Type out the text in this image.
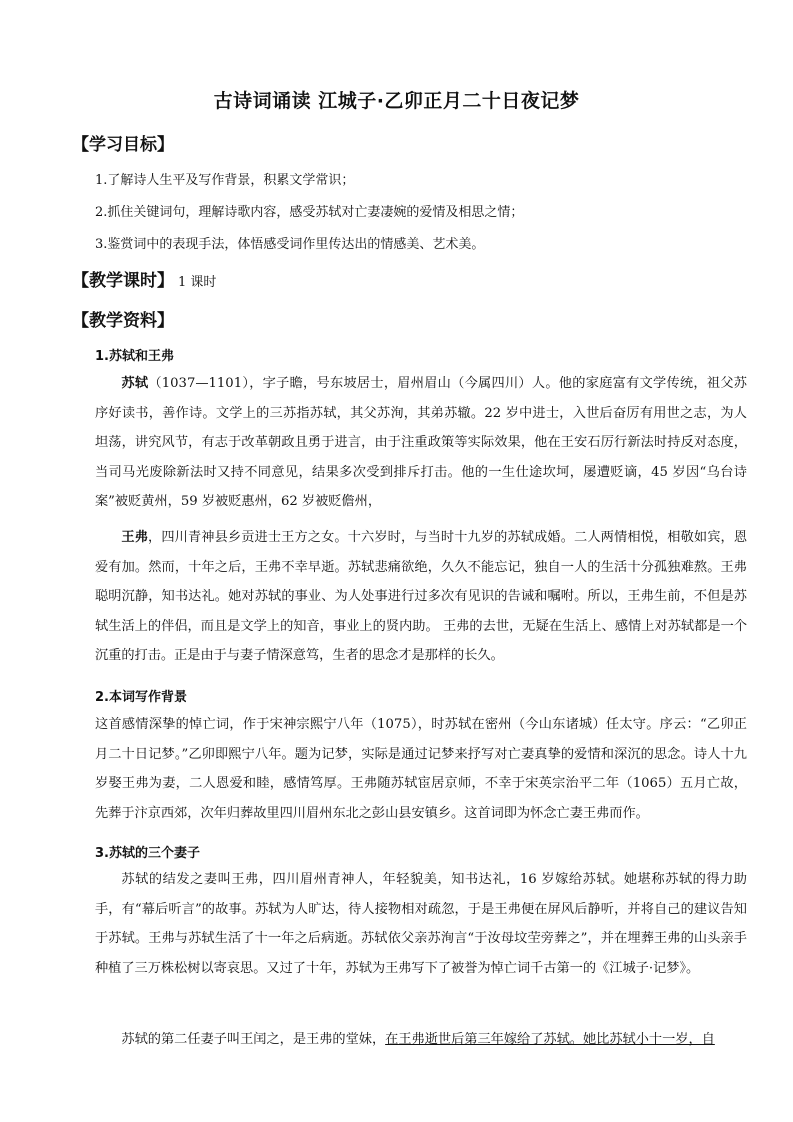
古诗词诵读 江城子·乙卯正月二十日夜记梦
【学习目标】
1.了解诗人生平及写作背景，积累文学常识；
2.抓住关键词句，理解诗歌内容，感受苏轼对亡妻凄婉的爱情及相思之情；
3.鉴赏词中的表现手法，体悟感受词作里传达出的情感美、艺术美。
【教学课时】 1 课时
【教学资料】
1.苏轼和王弗
苏轼（1037—1101），字子瞻，号东坡居士，眉州眉山（今属四川）人。他的家庭富有文学传统，祖父苏序好读书，善作诗。文学上的三苏指苏轼，其父苏洵，其弟苏辙。22 岁中进士，入世后奋厉有用世之志，为人坦荡，讲究风节，有志于改革朝政且勇于进言，由于注重政策等实际效果，他在王安石厉行新法时持反对态度，当司马光废除新法时又持不同意见，结果多次受到排斥打击。他的一生仕途坎坷，屡遭贬谪，45 岁因“乌台诗案”被贬黄州，59 岁被贬惠州，62 岁被贬儋州，
王弗，四川青神县乡贡进士王方之女。十六岁时，与当时十九岁的苏轼成婚。二人两情相悦，相敬如宾，恩爱有加。然而，十年之后，王弗不幸早逝。苏轼悲痛欲绝，久久不能忘记，独自一人的生活十分孤独难熬。王弗聪明沉静，知书达礼。她对苏轼的事业、为人处事进行过多次有见识的告诫和嘱咐。所以，王弗生前，不但是苏轼生活上的伴侣，而且是文学上的知音，事业上的贤内助。 王弗的去世，无疑在生活上、感情上对苏轼都是一个沉重的打击。正是由于与妻子情深意笃，生者的思念才是那样的长久。
2.本词写作背景
这首感情深挚的悼亡词，作于宋神宗熙宁八年（1075），时苏轼在密州（今山东诸城）任太守。序云：“乙卯正月二十日记梦。”乙卯即熙宁八年。题为记梦，实际是通过记梦来抒写对亡妻真挚的爱情和深沉的思念。诗人十九岁娶王弗为妻，二人恩爱和睦，感情笃厚。王弗随苏轼宦居京师，不幸于宋英宗治平二年（1065）五月亡故，先葬于汴京西郊，次年归葬故里四川眉州东北之彭山县安镇乡。这首词即为怀念亡妻王弗而作。
3.苏轼的三个妻子
苏轼的结发之妻叫王弗，四川眉州青神人，年轻貌美，知书达礼，16 岁嫁给苏轼。她堪称苏轼的得力助手，有“幕后听言”的故事。苏轼为人旷达，待人接物相对疏忽，于是王弗便在屏风后静听，并将自己的建议告知于苏轼。王弗与苏轼生活了十一年之后病逝。苏轼依父亲苏洵言“于汝母坟茔旁葬之”，并在埋葬王弗的山头亲手种植了三万株松树以寄哀思。又过了十年，苏轼为王弗写下了被誉为悼亡词千古第一的《江城子·记梦》。
苏轼的第二任妻子叫王闰之，是王弗的堂妹，在王弗逝世后第三年嫁给了苏轼。她比苏轼小十一岁，自
